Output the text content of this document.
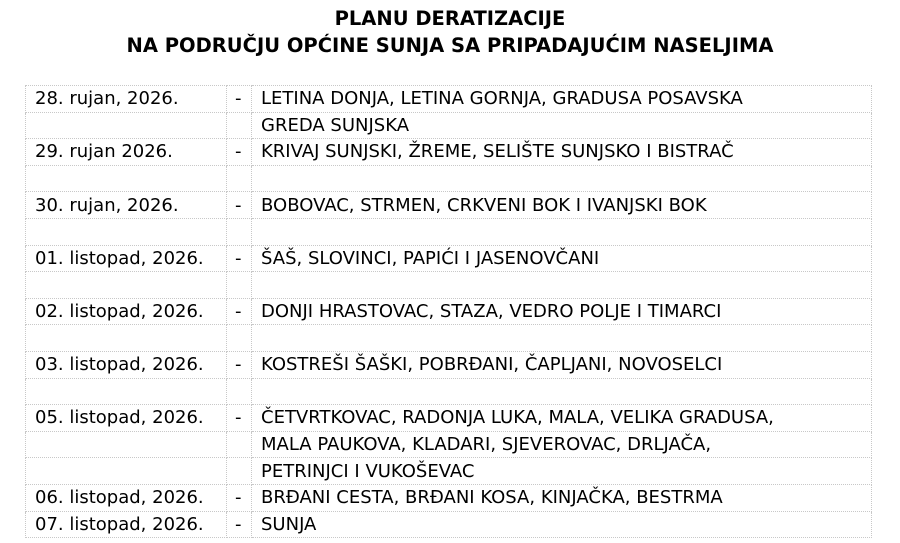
PLANU DERATIZACIJE
NA PODRUČJU OPĆINE SUNJA SA PRIPADAJUĆIM NASELJIMA
28. rujan, 2026.	-	LETINA DONJA, LETINA GORNJA, GRADUSA POSAVSKA
		GREDA SUNJSKA
29. rujan 2026.	-	KRIVAJ SUNJSKI, ŽREME, SELIŠTE SUNJSKO I BISTRAČ

30. rujan, 2026.	-	BOBOVAC, STRMEN, CRKVENI BOK I IVANJSKI BOK

01. listopad, 2026.	-	ŠAŠ, SLOVINCI, PAPIĆI I JASENOVČANI

02. listopad, 2026.	-	DONJI HRASTOVAC, STAZA, VEDRO POLJE I TIMARCI

03. listopad, 2026.	-	KOSTREŠI ŠAŠKI, POBRĐANI, ČAPLJANI, NOVOSELCI

05. listopad, 2026.	-	ČETVRTKOVAC, RADONJA LUKA, MALA, VELIKA GRADUSA,
		MALA PAUKOVA, KLADARI, SJEVEROVAC, DRLJAČA,
		PETRINJCI I VUKOŠEVAC
06. listopad, 2026.	-	BRĐANI CESTA, BRĐANI KOSA, KINJAČKA, BESTRMA
07. listopad, 2026.	-	SUNJA
